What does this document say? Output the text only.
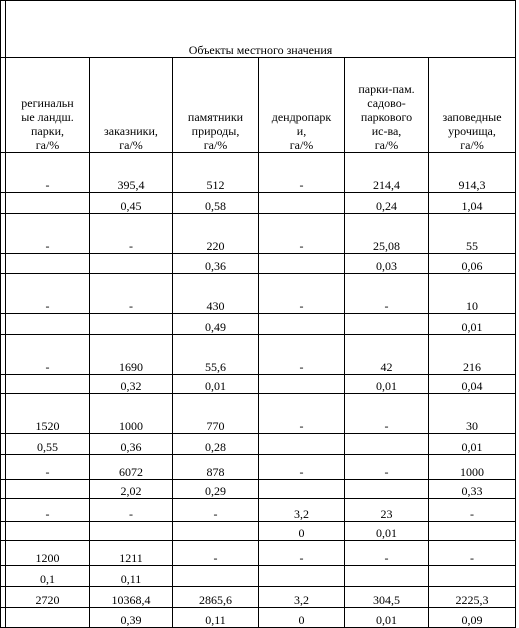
	Объекты местного значения					
	регинальн
ые ландш.
парки,
га/%	заказники,
га/%	памятники
природы,
га/%	дендропарк
и,
га/%	парки-пам.
садово-
паркового
ис-ва,
га/%	заповедные
урочища,
га/%
	-	395,4	512	-	214,4	914,3
		0,45	0,58		0,24	1,04
	-	-	220	-	25,08	55
			0,36		0,03	0,06
	-	-	430	-	-	10
			0,49			0,01
	-	1690	55,6	-	42	216
		0,32	0,01		0,01	0,04
	1520	1000	770	-	-	30
	0,55	0,36	0,28			0,01
	-	6072	878	-	-	1000
		2,02	0,29			0,33
	-	-	-	3,2	23	-
				0	0,01	
	1200	1211	-	-	-	-
	0,1	0,11				
	2720	10368,4	2865,6	3,2	304,5	2225,3
		0,39	0,11	0	0,01	0,09
